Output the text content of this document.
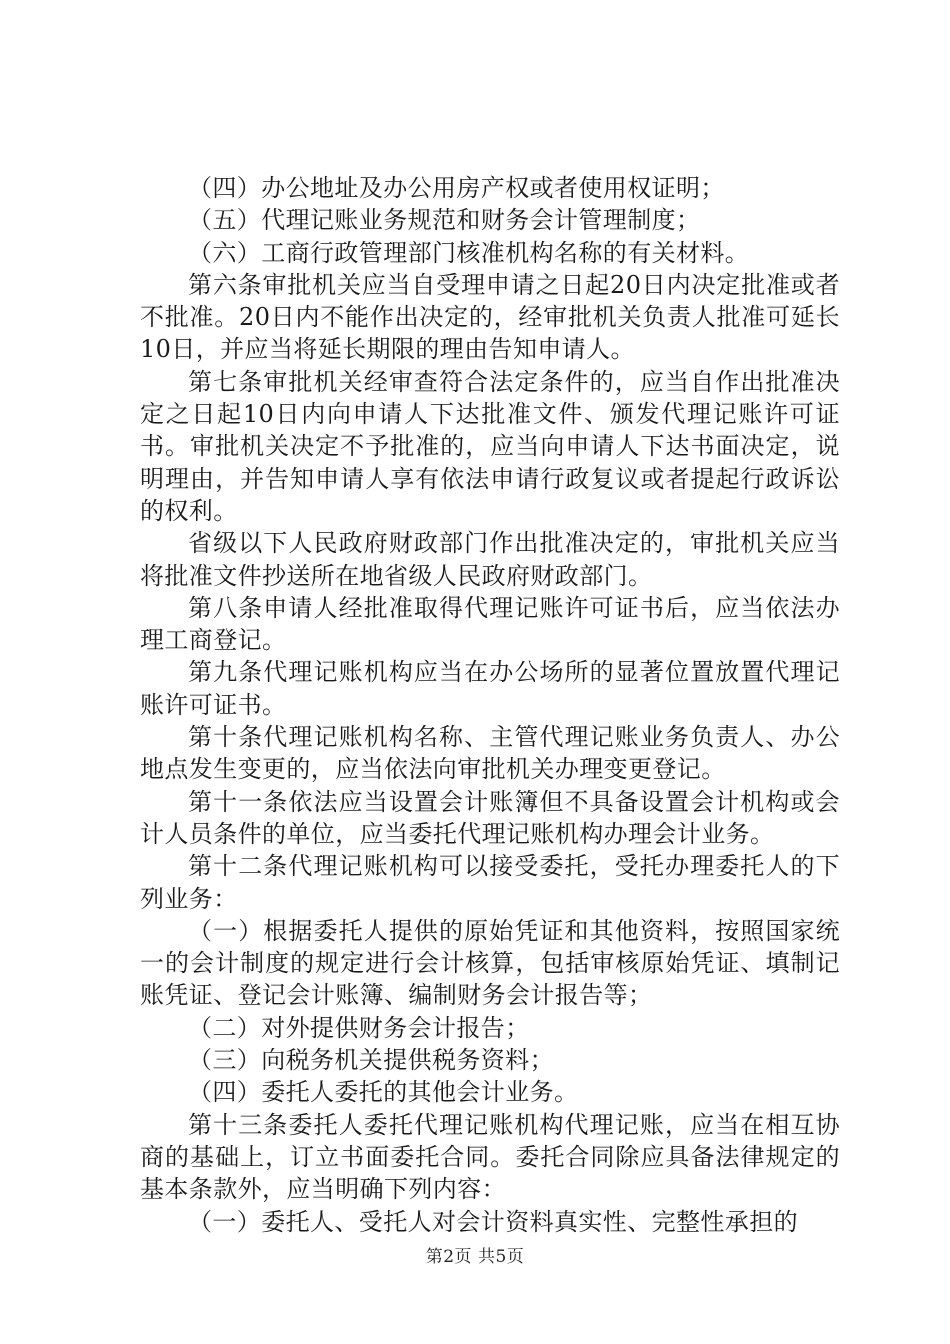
（四）办公地址及办公用房产权或者使用权证明；

（五）代理记账业务规范和财务会计管理制度；

（六）工商行政管理部门核准机构名称的有关材料。

第六条审批机关应当自受理申请之日起20日内决定批准或者不批准。20日内不能作出决定的，经审批机关负责人批准可延长10日，并应当将延长期限的理由告知申请人。

第七条审批机关经审查符合法定条件的，应当自作出批准决定之日起10日内向申请人下达批准文件、颁发代理记账许可证书。审批机关决定不予批准的，应当向申请人下达书面决定，说明理由，并告知申请人享有依法申请行政复议或者提起行政诉讼的权利。

省级以下人民政府财政部门作出批准决定的，审批机关应当将批准文件抄送所在地省级人民政府财政部门。

第八条申请人经批准取得代理记账许可证书后，应当依法办理工商登记。

第九条代理记账机构应当在办公场所的显著位置放置代理记账许可证书。

第十条代理记账机构名称、主管代理记账业务负责人、办公地点发生变更的，应当依法向审批机关办理变更登记。

第十一条依法应当设置会计账簿但不具备设置会计机构或会计人员条件的单位，应当委托代理记账机构办理会计业务。

第十二条代理记账机构可以接受委托，受托办理委托人的下列业务：

（一）根据委托人提供的原始凭证和其他资料，按照国家统一的会计制度的规定进行会计核算，包括审核原始凭证、填制记账凭证、登记会计账簿、编制财务会计报告等；

（二）对外提供财务会计报告；

（三）向税务机关提供税务资料；

（四）委托人委托的其他会计业务。

第十三条委托人委托代理记账机构代理记账，应当在相互协商的基础上，订立书面委托合同。委托合同除应具备法律规定的基本条款外，应当明确下列内容：

（一）委托人、受托人对会计资料真实性、完整性承担的

第2页 共5页
